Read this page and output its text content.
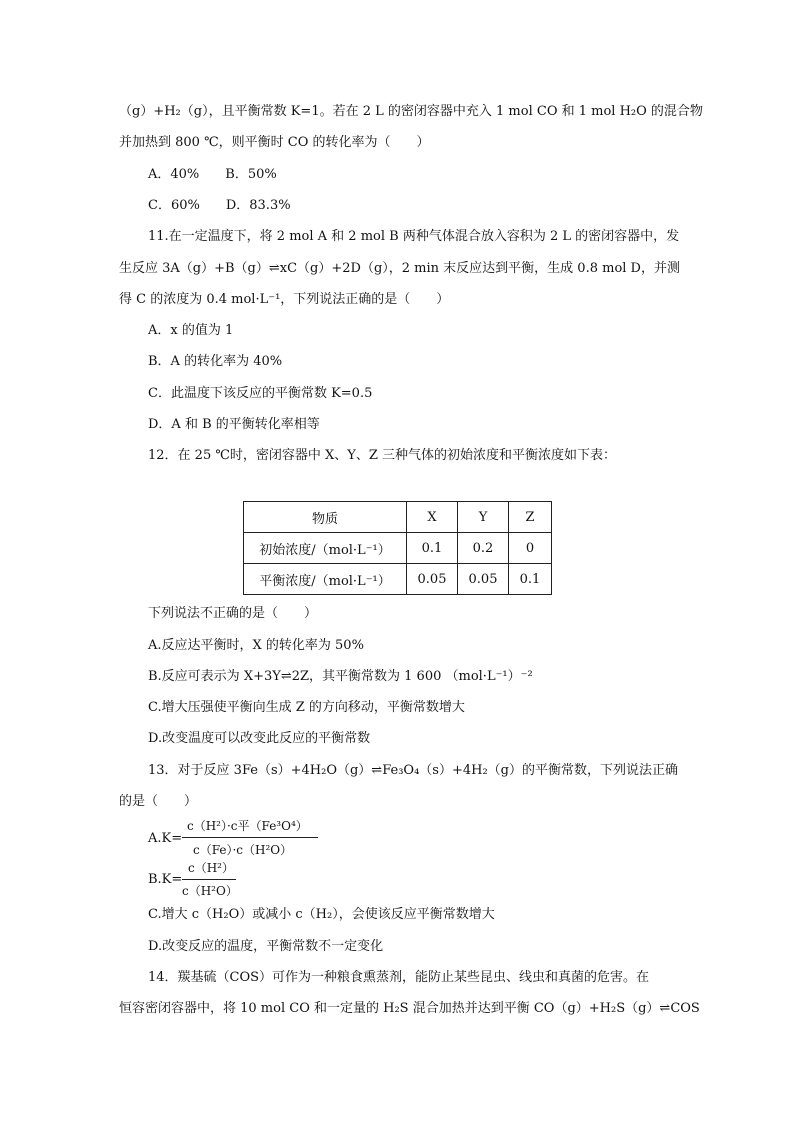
（g）+H₂（g），且平衡常数 K=1。若在 2 L 的密闭容器中充入 1 mol CO 和 1 mol H₂O 的混合物
并加热到 800 ℃，则平衡时 CO 的转化率为（　　）
A．40%　　B．50%
C．60%　　D．83.3%
11.在一定温度下，将 2 mol A 和 2 mol B 两种气体混合放入容积为 2 L 的密闭容器中，发
生反应 3A（g）+B（g）⇌xC（g）+2D（g），2 min 末反应达到平衡，生成 0.8 mol D，并测
得 C 的浓度为 0.4 mol·L⁻¹，下列说法正确的是（　　）
A．x 的值为 1
B．A 的转化率为 40%
C．此温度下该反应的平衡常数 K=0.5
D．A 和 B 的平衡转化率相等
12．在 25 ℃时，密闭容器中 X、Y、Z 三种气体的初始浓度和平衡浓度如下表：
物质	X	Y	Z
初始浓度/（mol·L⁻¹）	0.1	0.2	0
平衡浓度/（mol·L⁻¹）	0.05	0.05	0.1
下列说法不正确的是（　　）
A.反应达平衡时，X 的转化率为 50%
B.反应可表示为 X+3Y⇌2Z，其平衡常数为 1 600 （mol·L⁻¹）⁻²
C.增大压强使平衡向生成 Z 的方向移动，平衡常数增大
D.改变温度可以改变此反应的平衡常数
13．对于反应 3Fe（s）+4H₂O（g）⇌Fe₃O₄（s）+4H₂（g）的平衡常数，下列说法正确
的是（　　）
A.K=
c（H²）·c平（Fe³O⁴）
c（Fe）·c（H²O）
B.K=
c（H²）
c（H²O）
C.增大 c（H₂O）或减小 c（H₂），会使该反应平衡常数增大
D.改变反应的温度，平衡常数不一定变化
14．羰基硫（COS）可作为一种粮食熏蒸剂，能防止某些昆虫、线虫和真菌的危害。在
恒容密闭容器中，将 10 mol CO 和一定量的 H₂S 混合加热并达到平衡 CO（g）+H₂S（g）⇌COS
